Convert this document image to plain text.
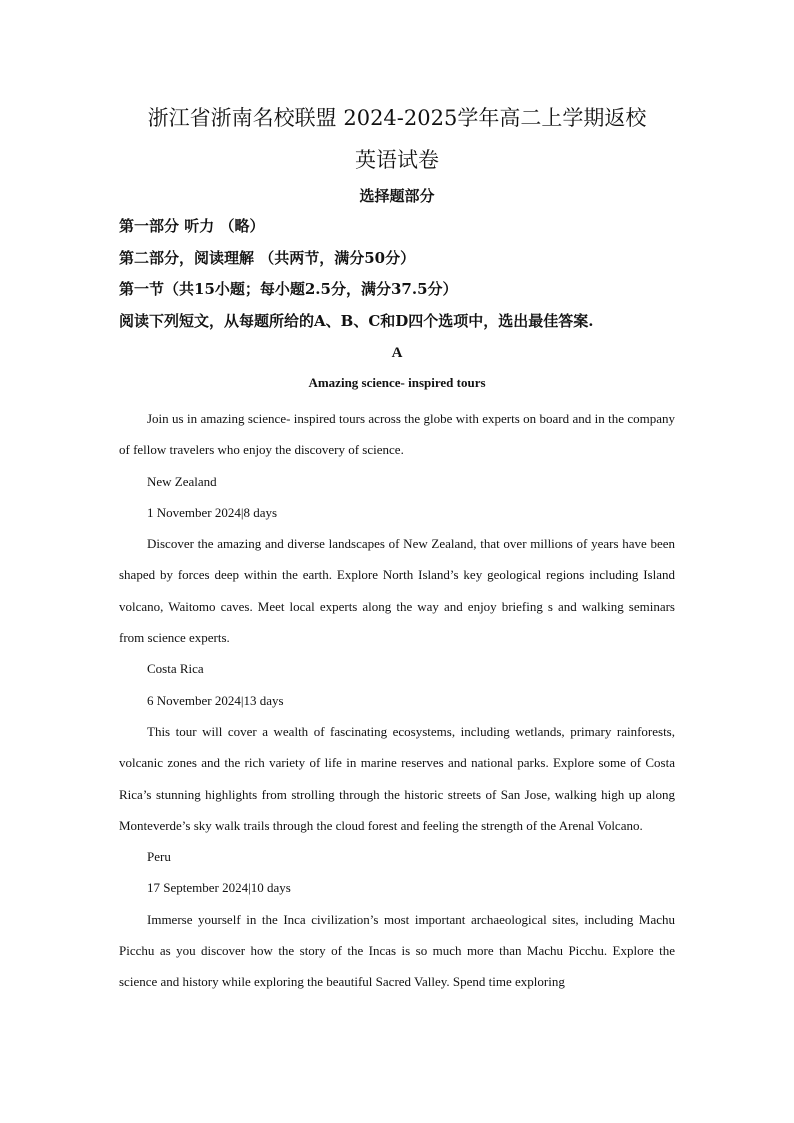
浙江省浙南名校联盟 2024-2025学年高二上学期返校
英语试卷
选择题部分
第一部分 听力 （略）
第二部分，阅读理解 （共两节，满分50分）
第一节（共15小题；每小题2.5分，满分37.5分）
阅读下列短文，从每题所给的A、B、C和D四个选项中，选出最佳答案.
A
Amazing science- inspired tours

Join us in amazing science- inspired tours across the globe with experts on board and in the company of fellow travelers who enjoy the discovery of science.

New Zealand

1 November 2024|8 days

Discover the amazing and diverse landscapes of New Zealand, that over millions of years have been shaped by forces deep within the earth. Explore North Island’s key geological regions including Island volcano, Waitomo caves. Meet local experts along the way and enjoy briefing s and walking seminars from science experts.

Costa Rica

6 November 2024|13 days

This tour will cover a wealth of fascinating ecosystems, including wetlands, primary rainforests, volcanic zones and the rich variety of life in marine reserves and national parks. Explore some of Costa Rica’s stunning highlights from strolling through the historic streets of San Jose, walking high up along Monteverde’s sky walk trails through the cloud forest and feeling the strength of the Arenal Volcano.

Peru

17 September 2024|10 days

Immerse yourself in the Inca civilization’s most important archaeological sites, including Machu Picchu as you discover how the story of the Incas is so much more than Machu Picchu. Explore the science and history while exploring the beautiful Sacred Valley. Spend time exploring
